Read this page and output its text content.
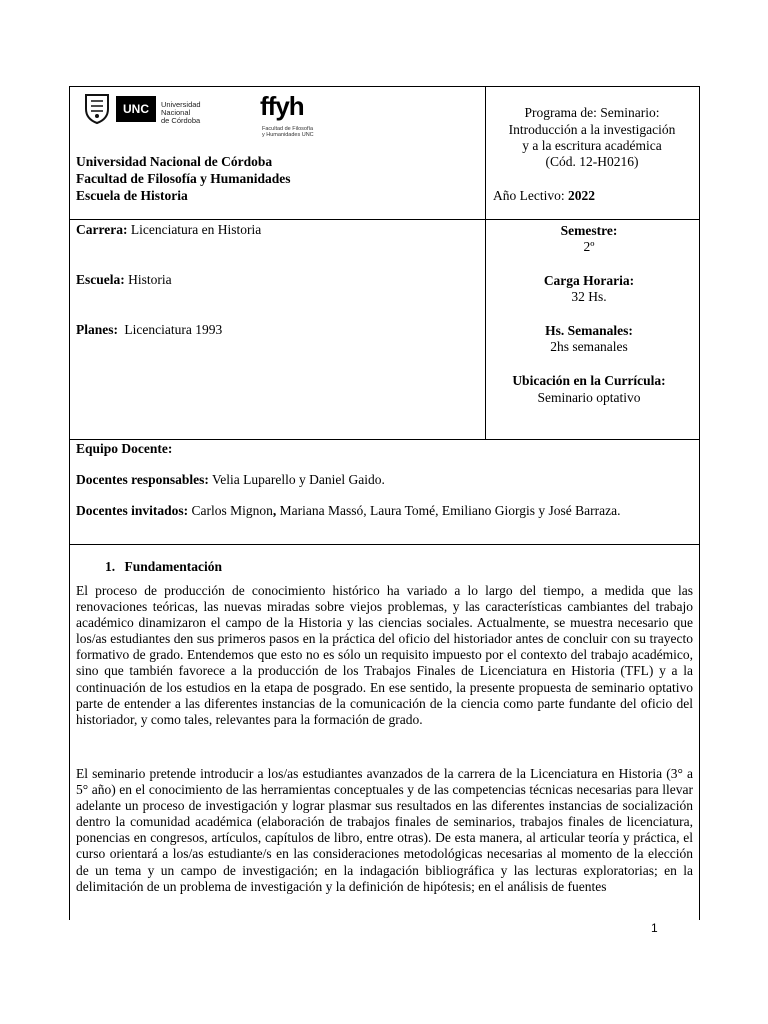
UNC	Universidad
Nacional
de Córdoba ffyh
Facultad de Filosofía
y Humanidades UNC
Universidad Nacional de Córdoba
Facultad de Filosofía y Humanidades
Escuela de Historia
Programa de: Seminario:
Introducción a la investigación
y a la escritura académica
(Cód. 12-H0216)
Año Lectivo: 2022
Carrera: Licenciatura en Historia
Escuela: Historia
Planes: Licenciatura 1993
Semestre:
2º
Carga Horaria:
32 Hs.
Hs. Semanales:
2hs semanales
Ubicación en la Currícula:
Seminario optativo
Equipo Docente:
Docentes responsables: Velia Luparello y Daniel Gaido.
Docentes invitados: Carlos Mignon, Mariana Massó, Laura Tomé, Emiliano Giorgis y José Barraza.
1. Fundamentación
El proceso de producción de conocimiento histórico ha variado a lo largo del tiempo, a medida que las renovaciones teóricas, las nuevas miradas sobre viejos problemas, y las características cambiantes del trabajo académico dinamizaron el campo de la Historia y las ciencias sociales. Actualmente, se muestra necesario que los/as estudiantes den sus primeros pasos en la práctica del oficio del historiador antes de concluir con su trayecto formativo de grado. Entendemos que esto no es sólo un requisito impuesto por el contexto del trabajo académico, sino que también favorece a la producción de los Trabajos Finales de Licenciatura en Historia (TFL) y a la continuación de los estudios en la etapa de posgrado. En ese sentido, la presente propuesta de seminario optativo parte de entender a las diferentes instancias de la comunicación de la ciencia como parte fundante del oficio del historiador, y como tales, relevantes para la formación de grado.
El seminario pretende introducir a los/as estudiantes avanzados de la carrera de la Licenciatura en Historia (3° a 5° año) en el conocimiento de las herramientas conceptuales y de las competencias técnicas necesarias para llevar adelante un proceso de investigación y lograr plasmar sus resultados en las diferentes instancias de socialización dentro la comunidad académica (elaboración de trabajos finales de seminarios, trabajos finales de licenciatura, ponencias en congresos, artículos, capítulos de libro, entre otras). De esta manera, al articular teoría y práctica, el curso orientará a los/as estudiante/s en las consideraciones metodológicas necesarias al momento de la elección de un tema y un campo de investigación; en la indagación bibliográfica y las lecturas exploratorias; en la delimitación de un problema de investigación y la definición de hipótesis; en el análisis de fuentes
1
